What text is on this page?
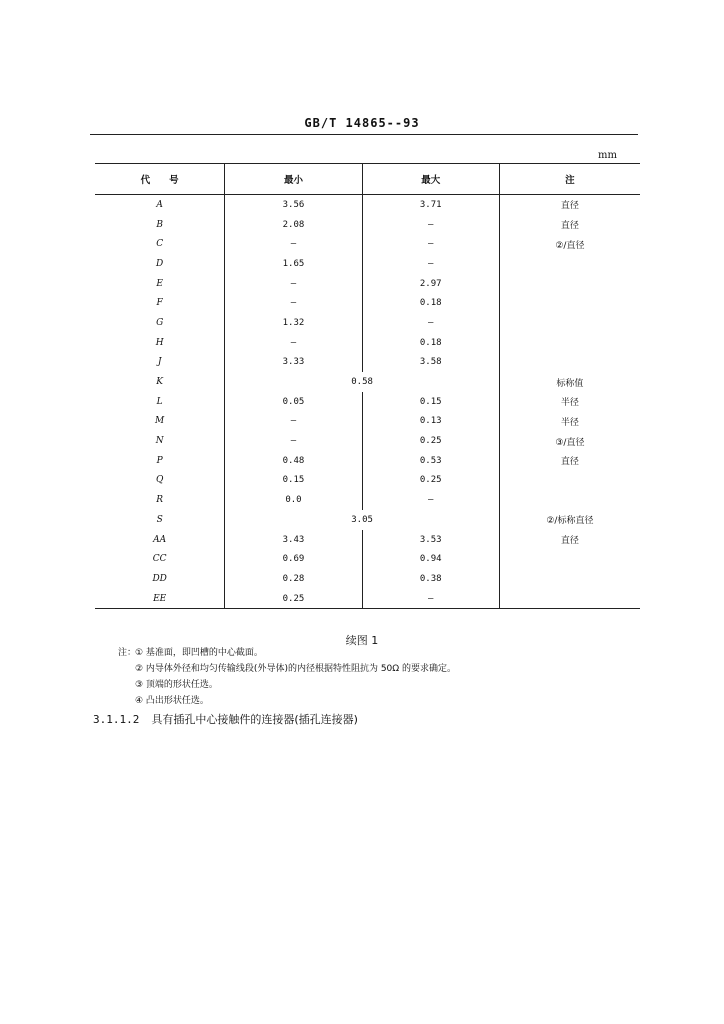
GB/T 14865--93
mm
代　　号	最小	最大	注
A	3.56	3.71	直径
B	2.08	—	直径
C	—	—	②/直径
D	1.65	—	
E	—	2.97	
F	—	0.18	
G	1.32	—	
H	—	0.18	
J	3.33	3.58	
K	0.58		标称值
L	0.05	0.15	半径
M	–	0.13	半径
N	—	0.25	③/直径
P	0.48	0.53	直径
Q	0.15	0.25	
R	0.0	—	
S	3.05		②/标称直径
AA	3.43	3.53	直径
CC	0.69	0.94	
DD	0.28	0.38	
EE	0.25	—	
续图 1
注：① 基准面，即凹槽的中心截面。
② 内导体外径和均匀传输线段(外导体)的内径根据特性阻抗为 50Ω 的要求确定。
③ 顶端的形状任选。
④ 凸出形状任选。
3.1.1.2 具有插孔中心接触件的连接器(插孔连接器)
